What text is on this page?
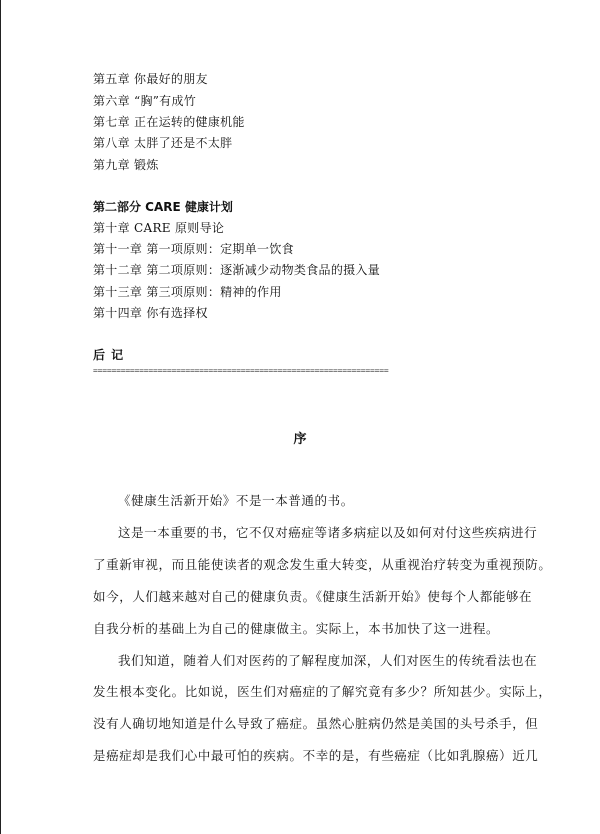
第五章 你最好的朋友
第六章 “胸”有成竹
第七章 正在运转的健康机能
第八章 太胖了还是不太胖
第九章 锻炼
第二部分 CARE 健康计划
第十章 CARE 原则导论
第十一章 第一项原则：定期单一饮食
第十二章 第二项原则：逐渐减少动物类食品的摄入量
第十三章 第三项原则：精神的作用
第十四章 你有选择权
后 记
================================================================
序
《健康生活新开始》不是一本普通的书。
这是一本重要的书，它不仅对癌症等诸多病症以及如何对付这些疾病进行
了重新审视，而且能使读者的观念发生重大转变，从重视治疗转变为重视预防。
如今，人们越来越对自己的健康负责。《健康生活新开始》使每个人都能够在
自我分析的基础上为自己的健康做主。实际上，本书加快了这一进程。
我们知道，随着人们对医药的了解程度加深，人们对医生的传统看法也在
发生根本变化。比如说，医生们对癌症的了解究竟有多少？所知甚少。实际上，
没有人确切地知道是什么导致了癌症。虽然心脏病仍然是美国的头号杀手，但
是癌症却是我们心中最可怕的疾病。不幸的是，有些癌症（比如乳腺癌）近几
